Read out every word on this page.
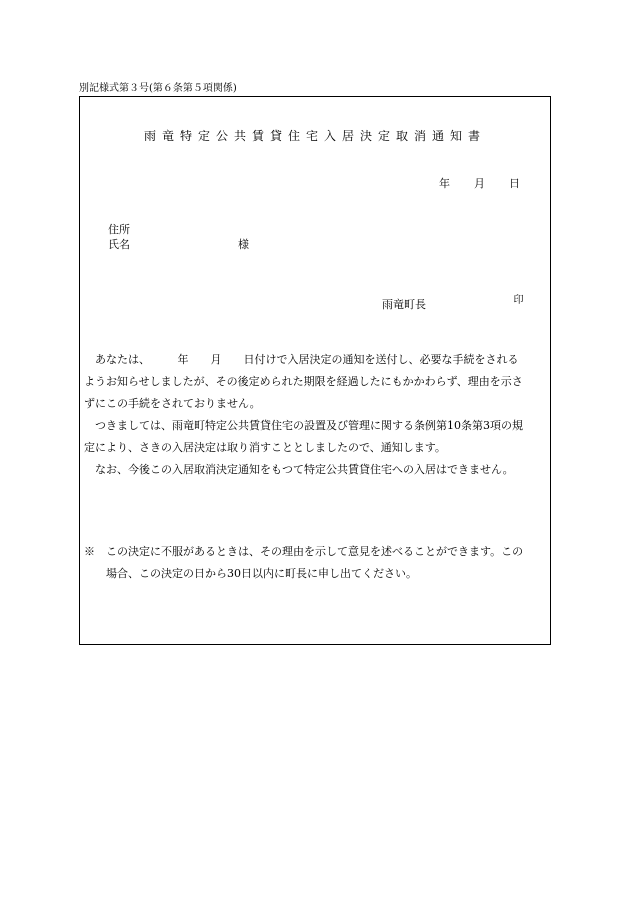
別記様式第３号(第６条第５項関係)
雨竜特定公共賃貸住宅入居決定取消通知書
年 月 日
住所
氏名	様
雨竜町長	印
あなたは、　　　年　　月　　日付けで入居決定の通知を送付し、必要な手続をされる
ようお知らせしましたが、その後定められた期限を経過したにもかかわらず、理由を示さ
ずにこの手続をされておりません。
つきましては、雨竜町特定公共賃貸住宅の設置及び管理に関する条例第10条第3項の規
定により、さきの入居決定は取り消すこととしましたので、通知します。
なお、今後この入居取消決定通知をもつて特定公共賃貸住宅への入居はできません。
※　この決定に不服があるときは、その理由を示して意見を述べることができます。この
場合、この決定の日から30日以内に町長に申し出てください。
